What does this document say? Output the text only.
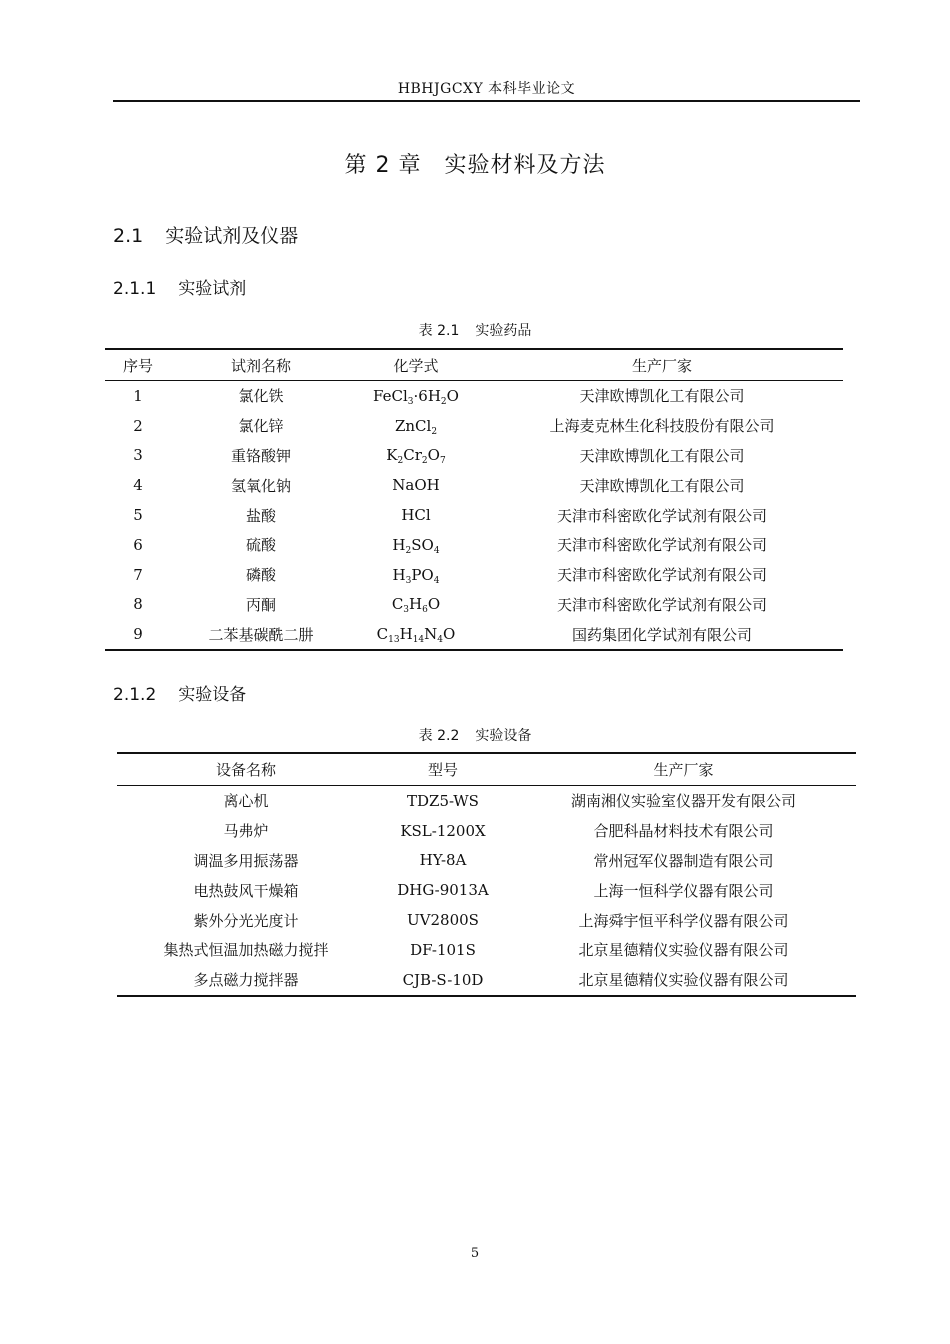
HBHJGCXY 本科毕业论文
第 2 章　实验材料及方法
2.1 实验试剂及仪器
2.1.1 实验试剂
表 2.1 实验药品
序号	试剂名称	化学式	生产厂家
1	氯化铁	$FeCl_3\cdot 6H_2O$	天津欧博凯化工有限公司
2	氯化锌	ZnCl$_2$	上海麦克林生化科技股份有限公司
3	重铬酸钾	$K_2Cr_2O_7$	天津欧博凯化工有限公司
4	氢氧化钠	NaOH	天津欧博凯化工有限公司
5	盐酸	HCl	天津市科密欧化学试剂有限公司
6	硫酸	$H_2SO_4$	天津市科密欧化学试剂有限公司
7	磷酸	$H_3PO_4$	天津市科密欧化学试剂有限公司
8	丙酮	$C_3H_6O$	天津市科密欧化学试剂有限公司
9	二苯基碳酰二肼	$C_{13}H_{14}N_4O$	国药集团化学试剂有限公司
2.1.2 实验设备
表 2.2 实验设备
设备名称	型号	生产厂家
离心机	TDZ5-WS	湖南湘仪实验室仪器开发有限公司
马弗炉	KSL-1200X	合肥科晶材料技术有限公司
调温多用振荡器	HY-8A	常州冠军仪器制造有限公司
电热鼓风干燥箱	DHG-9013A	上海一恒科学仪器有限公司
紫外分光光度计	UV2800S	上海舜宇恒平科学仪器有限公司
集热式恒温加热磁力搅拌	DF-101S	北京星德精仪实验仪器有限公司
多点磁力搅拌器	CJB-S-10D	北京星德精仪实验仪器有限公司
5
